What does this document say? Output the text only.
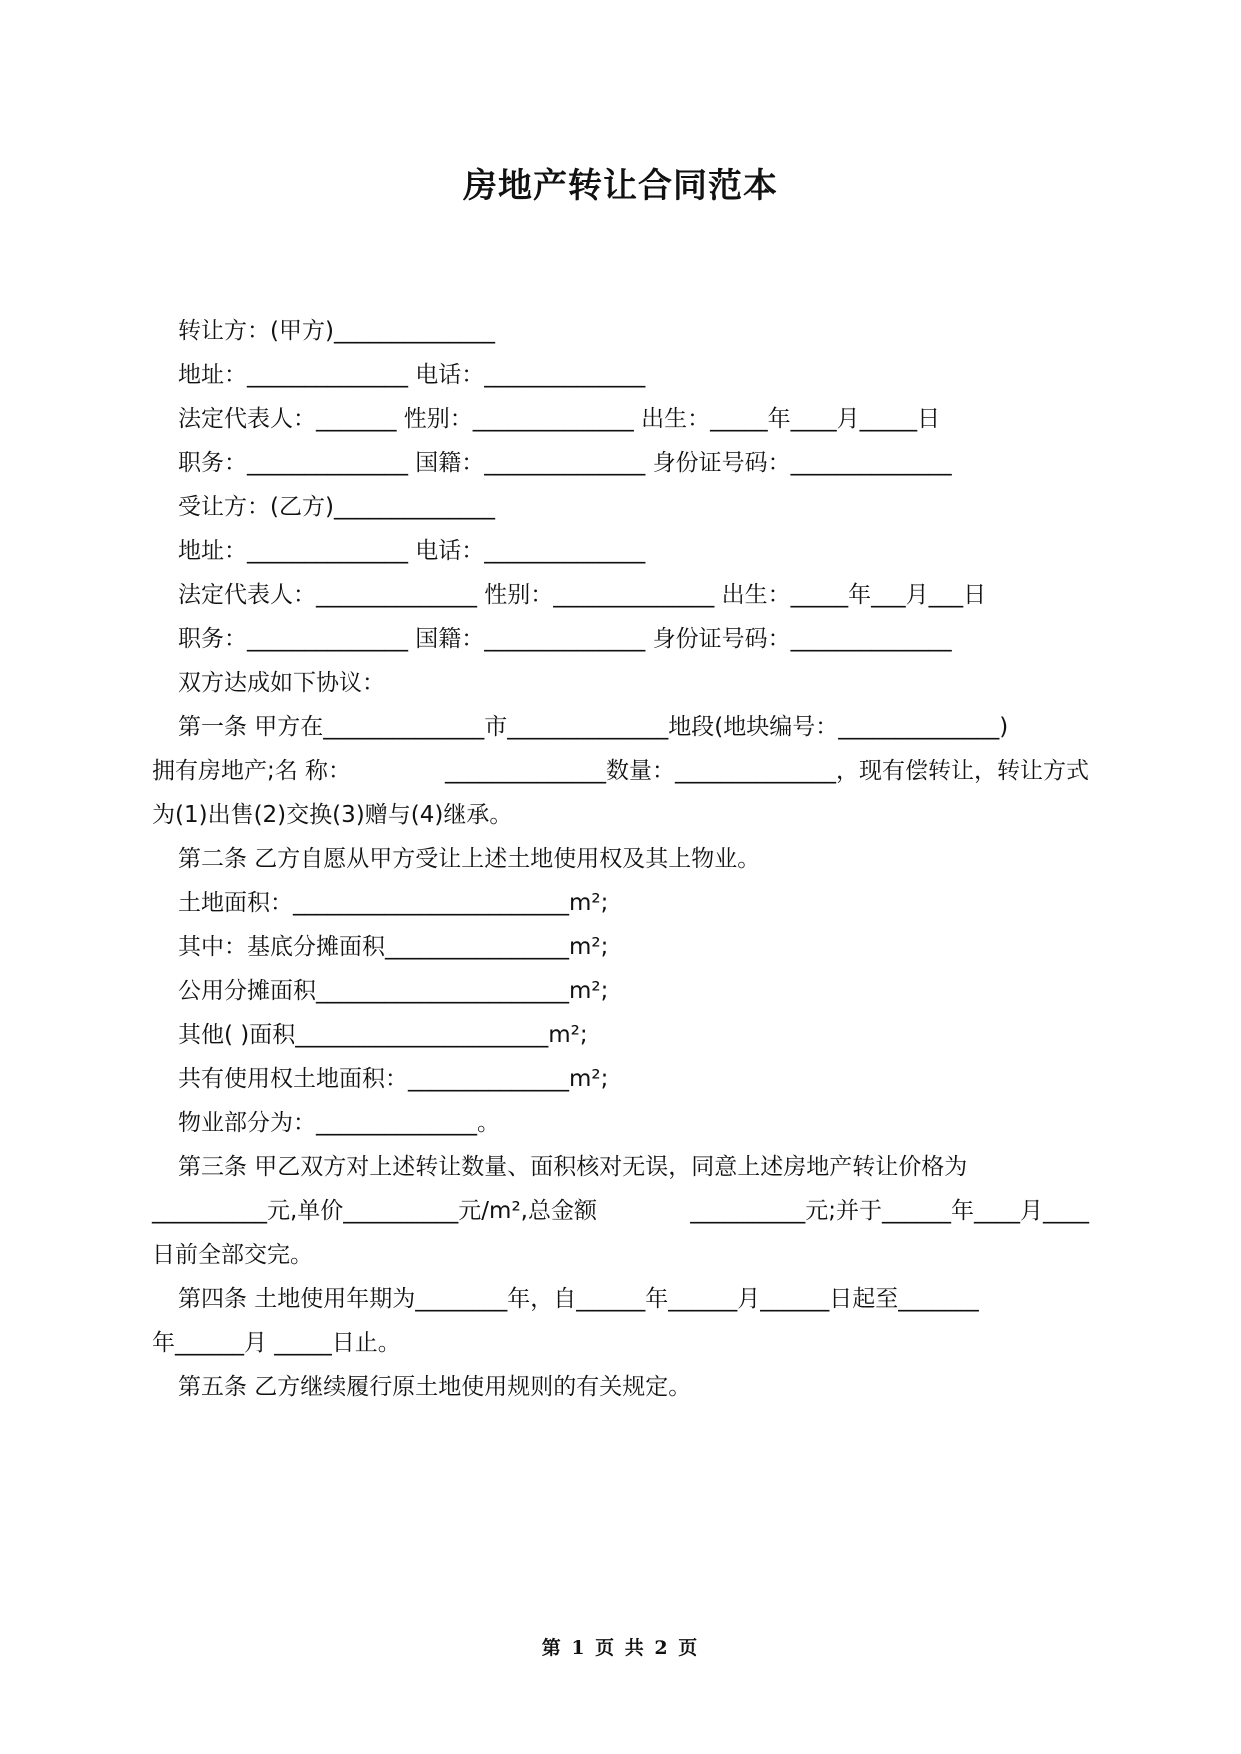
房地产转让合同范本
转让方：(甲方)______________
地址：______________ 电话：______________
法定代表人：_______ 性别：______________ 出生：_____年____月_____日
职务：______________ 国籍：______________ 身份证号码：______________
受让方：(乙方)______________
地址：______________ 电话：______________
法定代表人：______________ 性别：______________ 出生：_____年___月___日
职务：______________ 国籍：______________ 身份证号码：______________
双方达成如下协议：
第一条 甲方在______________市______________地段(地块编号：______________)
拥有房地产;名 称：	______________数量：______________，现有偿转让，转让方式
为(1)出售(2)交换(3)赠与(4)继承。
第二条 乙方自愿从甲方受让上述土地使用权及其上物业。
土地面积：________________________m²;
其中：基底分摊面积________________m²;
公用分摊面积______________________m²;
其他( )面积______________________m²;
共有使用权土地面积：______________m²;
物业部分为：______________。
第三条 甲乙双方对上述转让数量、面积核对无误，同意上述房地产转让价格为
__________元,单价__________元/m²,总金额	__________元;并于______年____月____
日前全部交完。
第四条 土地使用年期为________年，自______年______月______日起至_______
年______月 _____日止。
第五条 乙方继续履行原土地使用规则的有关规定。
第 1 页 共 2 页
